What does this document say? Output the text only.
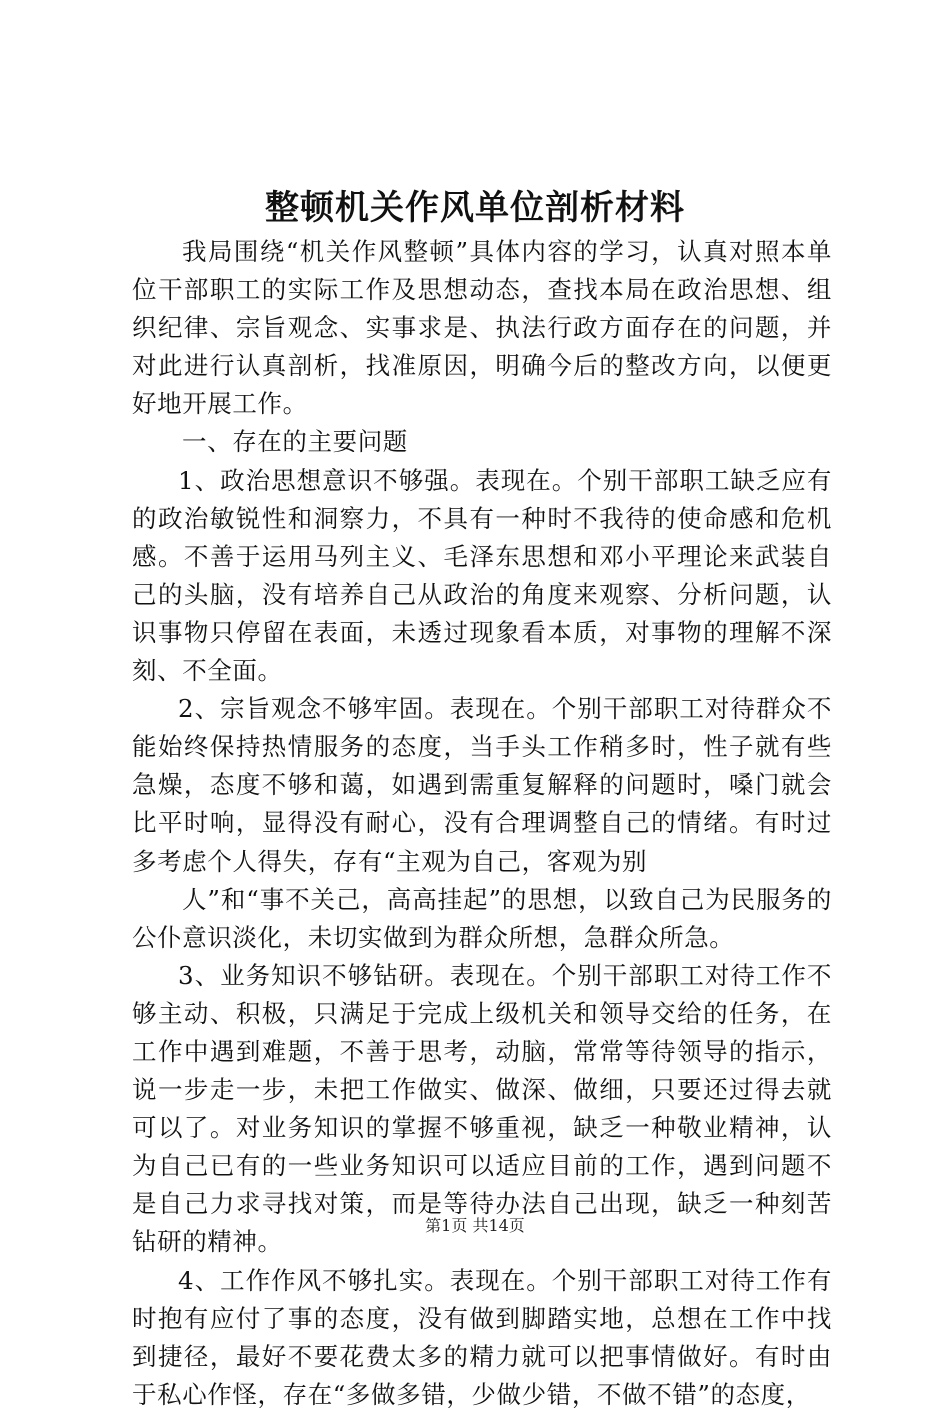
整顿机关作风单位剖析材料

我局围绕“机关作风整顿”具体内容的学习，认真对照本单位干部职工的实际工作及思想动态，查找本局在政治思想、组织纪律、宗旨观念、实事求是、执法行政方面存在的问题，并对此进行认真剖析，找准原因，明确今后的整改方向，以便更好地开展工作。

一、存在的主要问题

1、政治思想意识不够强。表现在。个别干部职工缺乏应有的政治敏锐性和洞察力，不具有一种时不我待的使命感和危机感。不善于运用马列主义、毛泽东思想和邓小平理论来武装自己的头脑，没有培养自己从政治的角度来观察、分析问题，认识事物只停留在表面，未透过现象看本质，对事物的理解不深刻、不全面。

2、宗旨观念不够牢固。表现在。个别干部职工对待群众不能始终保持热情服务的态度，当手头工作稍多时，性子就有些急燥，态度不够和蔼，如遇到需重复解释的问题时，嗓门就会比平时响，显得没有耐心，没有合理调整自己的情绪。有时过多考虑个人得失，存有“主观为自己，客观为别

人”和“事不关己，高高挂起”的思想，以致自己为民服务的公仆意识淡化，未切实做到为群众所想，急群众所急。

3、业务知识不够钻研。表现在。个别干部职工对待工作不够主动、积极，只满足于完成上级机关和领导交给的任务，在工作中遇到难题，不善于思考，动脑，常常等待领导的指示，说一步走一步，未把工作做实、做深、做细，只要还过得去就可以了。对业务知识的掌握不够重视，缺乏一种敬业精神，认为自己已有的一些业务知识可以适应目前的工作，遇到问题不是自己力求寻找对策，而是等待办法自己出现，缺乏一种刻苦钻研的精神。

4、工作作风不够扎实。表现在。个别干部职工对待工作有时抱有应付了事的态度，没有做到脚踏实地，总想在工作中找到捷径，最好不要花费太多的精力就可以把事情做好。有时由于私心作怪，存在“多做多错，少做少错，不做不错”的态度，

第1页 共14页
